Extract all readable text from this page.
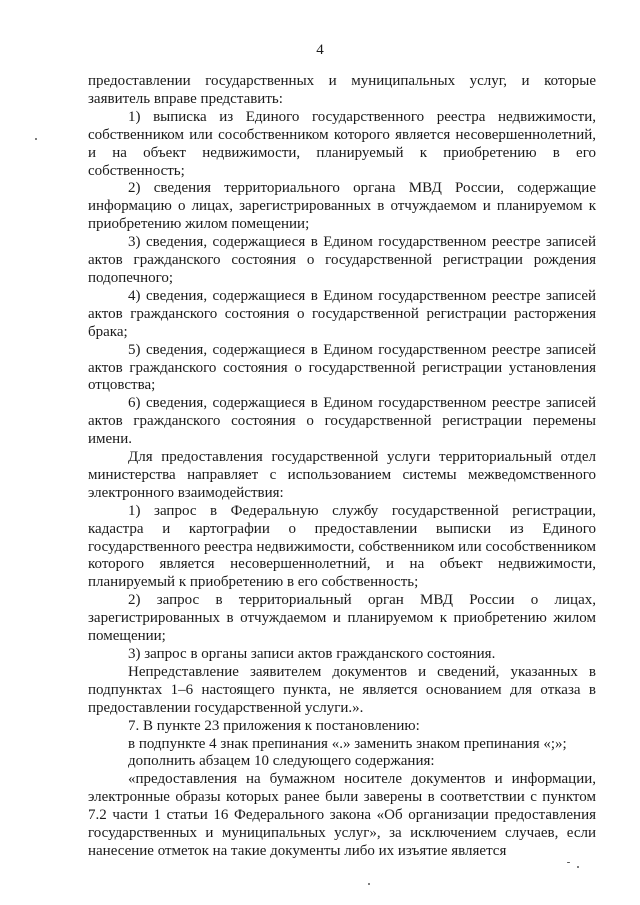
4

предоставлении государственных и муниципальных услуг, и которые заявитель вправе представить:

1) выписка из Единого государственного реестра недвижимости, собственником или сособственником которого является несовершеннолетний, и на объект недвижимости, планируемый к приобретению в его собственность;

2) сведения территориального органа МВД России, содержащие информацию о лицах, зарегистрированных в отчуждаемом и планируемом к приобретению жилом помещении;

3) сведения, содержащиеся в Едином государственном реестре записей актов гражданского состояния о государственной регистрации рождения подопечного;

4) сведения, содержащиеся в Едином государственном реестре записей актов гражданского состояния о государственной регистрации расторжения брака;

5) сведения, содержащиеся в Едином государственном реестре записей актов гражданского состояния о государственной регистрации установления отцовства;

6) сведения, содержащиеся в Едином государственном реестре записей актов гражданского состояния о государственной регистрации перемены имени.

Для предоставления государственной услуги территориальный отдел министерства направляет с использованием системы межведомственного электронного взаимодействия:

1) запрос в Федеральную службу государственной регистрации, кадастра и картографии о предоставлении выписки из Единого государственного реестра недвижимости, собственником или сособственником которого является несовершеннолетний, и на объект недвижимости, планируемый к приобретению в его собственность;

2) запрос в территориальный орган МВД России о лицах, зарегистрированных в отчуждаемом и планируемом к приобретению жилом помещении;

3) запрос в органы записи актов гражданского состояния.

Непредставление заявителем документов и сведений, указанных в подпунктах 1–6 настоящего пункта, не является основанием для отказа в предоставлении государственной услуги.».

7. В пункте 23 приложения к постановлению:

в подпункте 4 знак препинания «.» заменить знаком препинания «;»;

дополнить абзацем 10 следующего содержания:

«предоставления на бумажном носителе документов и информации, электронные образы которых ранее были заверены в соответствии с пунктом 7.2 части 1 статьи 16 Федерального закона «Об организации предоставления государственных и муниципальных услуг», за исключением случаев, если нанесение отметок на такие документы либо их изъятие является
